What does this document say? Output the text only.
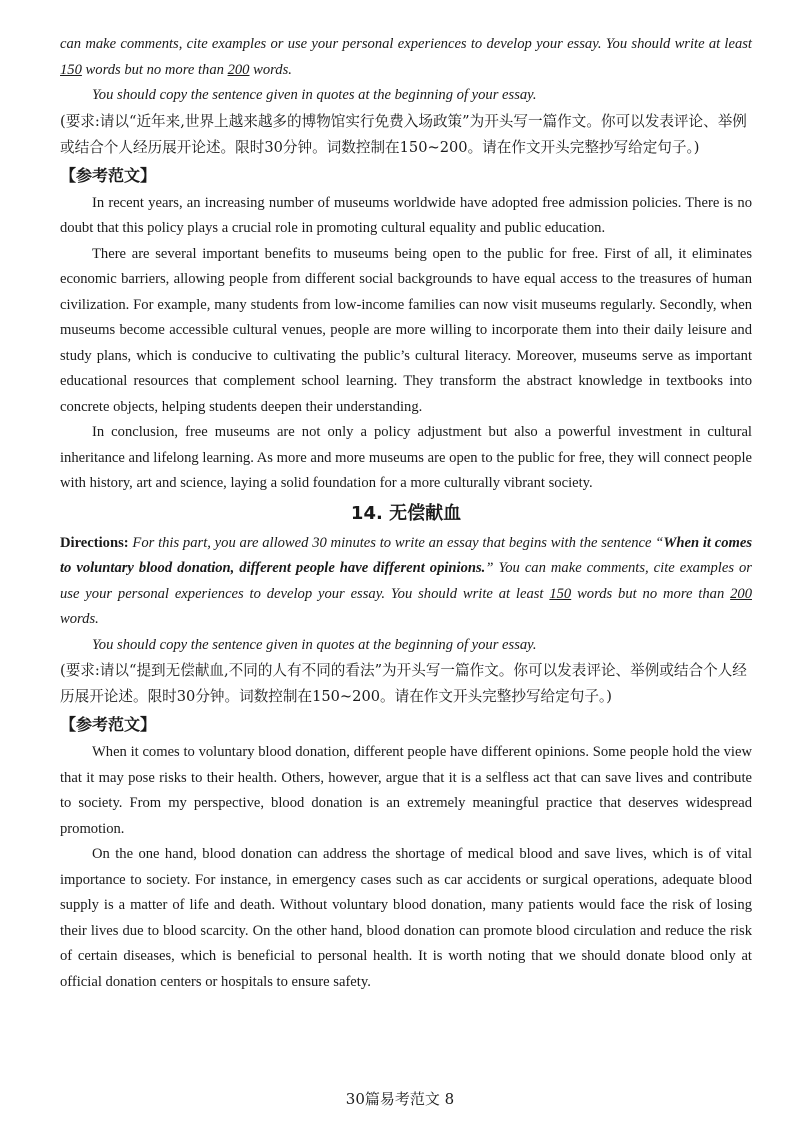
can make comments, cite examples or use your personal experiences to develop your essay. You should write at least 150 words but no more than 200 words.

You should copy the sentence given in quotes at the beginning of your essay.

(要求:请以“近年来,世界上越来越多的博物馆实行免费入场政策”为开头写一篇作文。你可以发表评论、举例或结合个人经历展开论述。限时30分钟。词数控制在150~200。请在作文开头完整抄写给定句子。)

【参考范文】

In recent years, an increasing number of museums worldwide have adopted free admission policies. There is no doubt that this policy plays a crucial role in promoting cultural equality and public education.

There are several important benefits to museums being open to the public for free. First of all, it eliminates economic barriers, allowing people from different social backgrounds to have equal access to the treasures of human civilization. For example, many students from low-income families can now visit museums regularly. Secondly, when museums become accessible cultural venues, people are more willing to incorporate them into their daily leisure and study plans, which is conducive to cultivating the public’s cultural literacy. Moreover, museums serve as important educational resources that complement school learning. They transform the abstract knowledge in textbooks into concrete objects, helping students deepen their understanding.

In conclusion, free museums are not only a policy adjustment but also a powerful investment in cultural inheritance and lifelong learning. As more and more museums are open to the public for free, they will connect people with history, art and science, laying a solid foundation for a more culturally vibrant society.

14. 无偿献血

Directions: For this part, you are allowed 30 minutes to write an essay that begins with the sentence “When it comes to voluntary blood donation, different people have different opinions.” You can make comments, cite examples or use your personal experiences to develop your essay. You should write at least 150 words but no more than 200 words.

You should copy the sentence given in quotes at the beginning of your essay.

(要求:请以“提到无偿献血,不同的人有不同的看法”为开头写一篇作文。你可以发表评论、举例或结合个人经历展开论述。限时30分钟。词数控制在150~200。请在作文开头完整抄写给定句子。)

【参考范文】

When it comes to voluntary blood donation, different people have different opinions. Some people hold the view that it may pose risks to their health. Others, however, argue that it is a selfless act that can save lives and contribute to society. From my perspective, blood donation is an extremely meaningful practice that deserves widespread promotion.

On the one hand, blood donation can address the shortage of medical blood and save lives, which is of vital importance to society. For instance, in emergency cases such as car accidents or surgical operations, adequate blood supply is a matter of life and death. Without voluntary blood donation, many patients would face the risk of losing their lives due to blood scarcity. On the other hand, blood donation can promote blood circulation and reduce the risk of certain diseases, which is beneficial to personal health. It is worth noting that we should donate blood only at official donation centers or hospitals to ensure safety.

30篇易考范文 8
